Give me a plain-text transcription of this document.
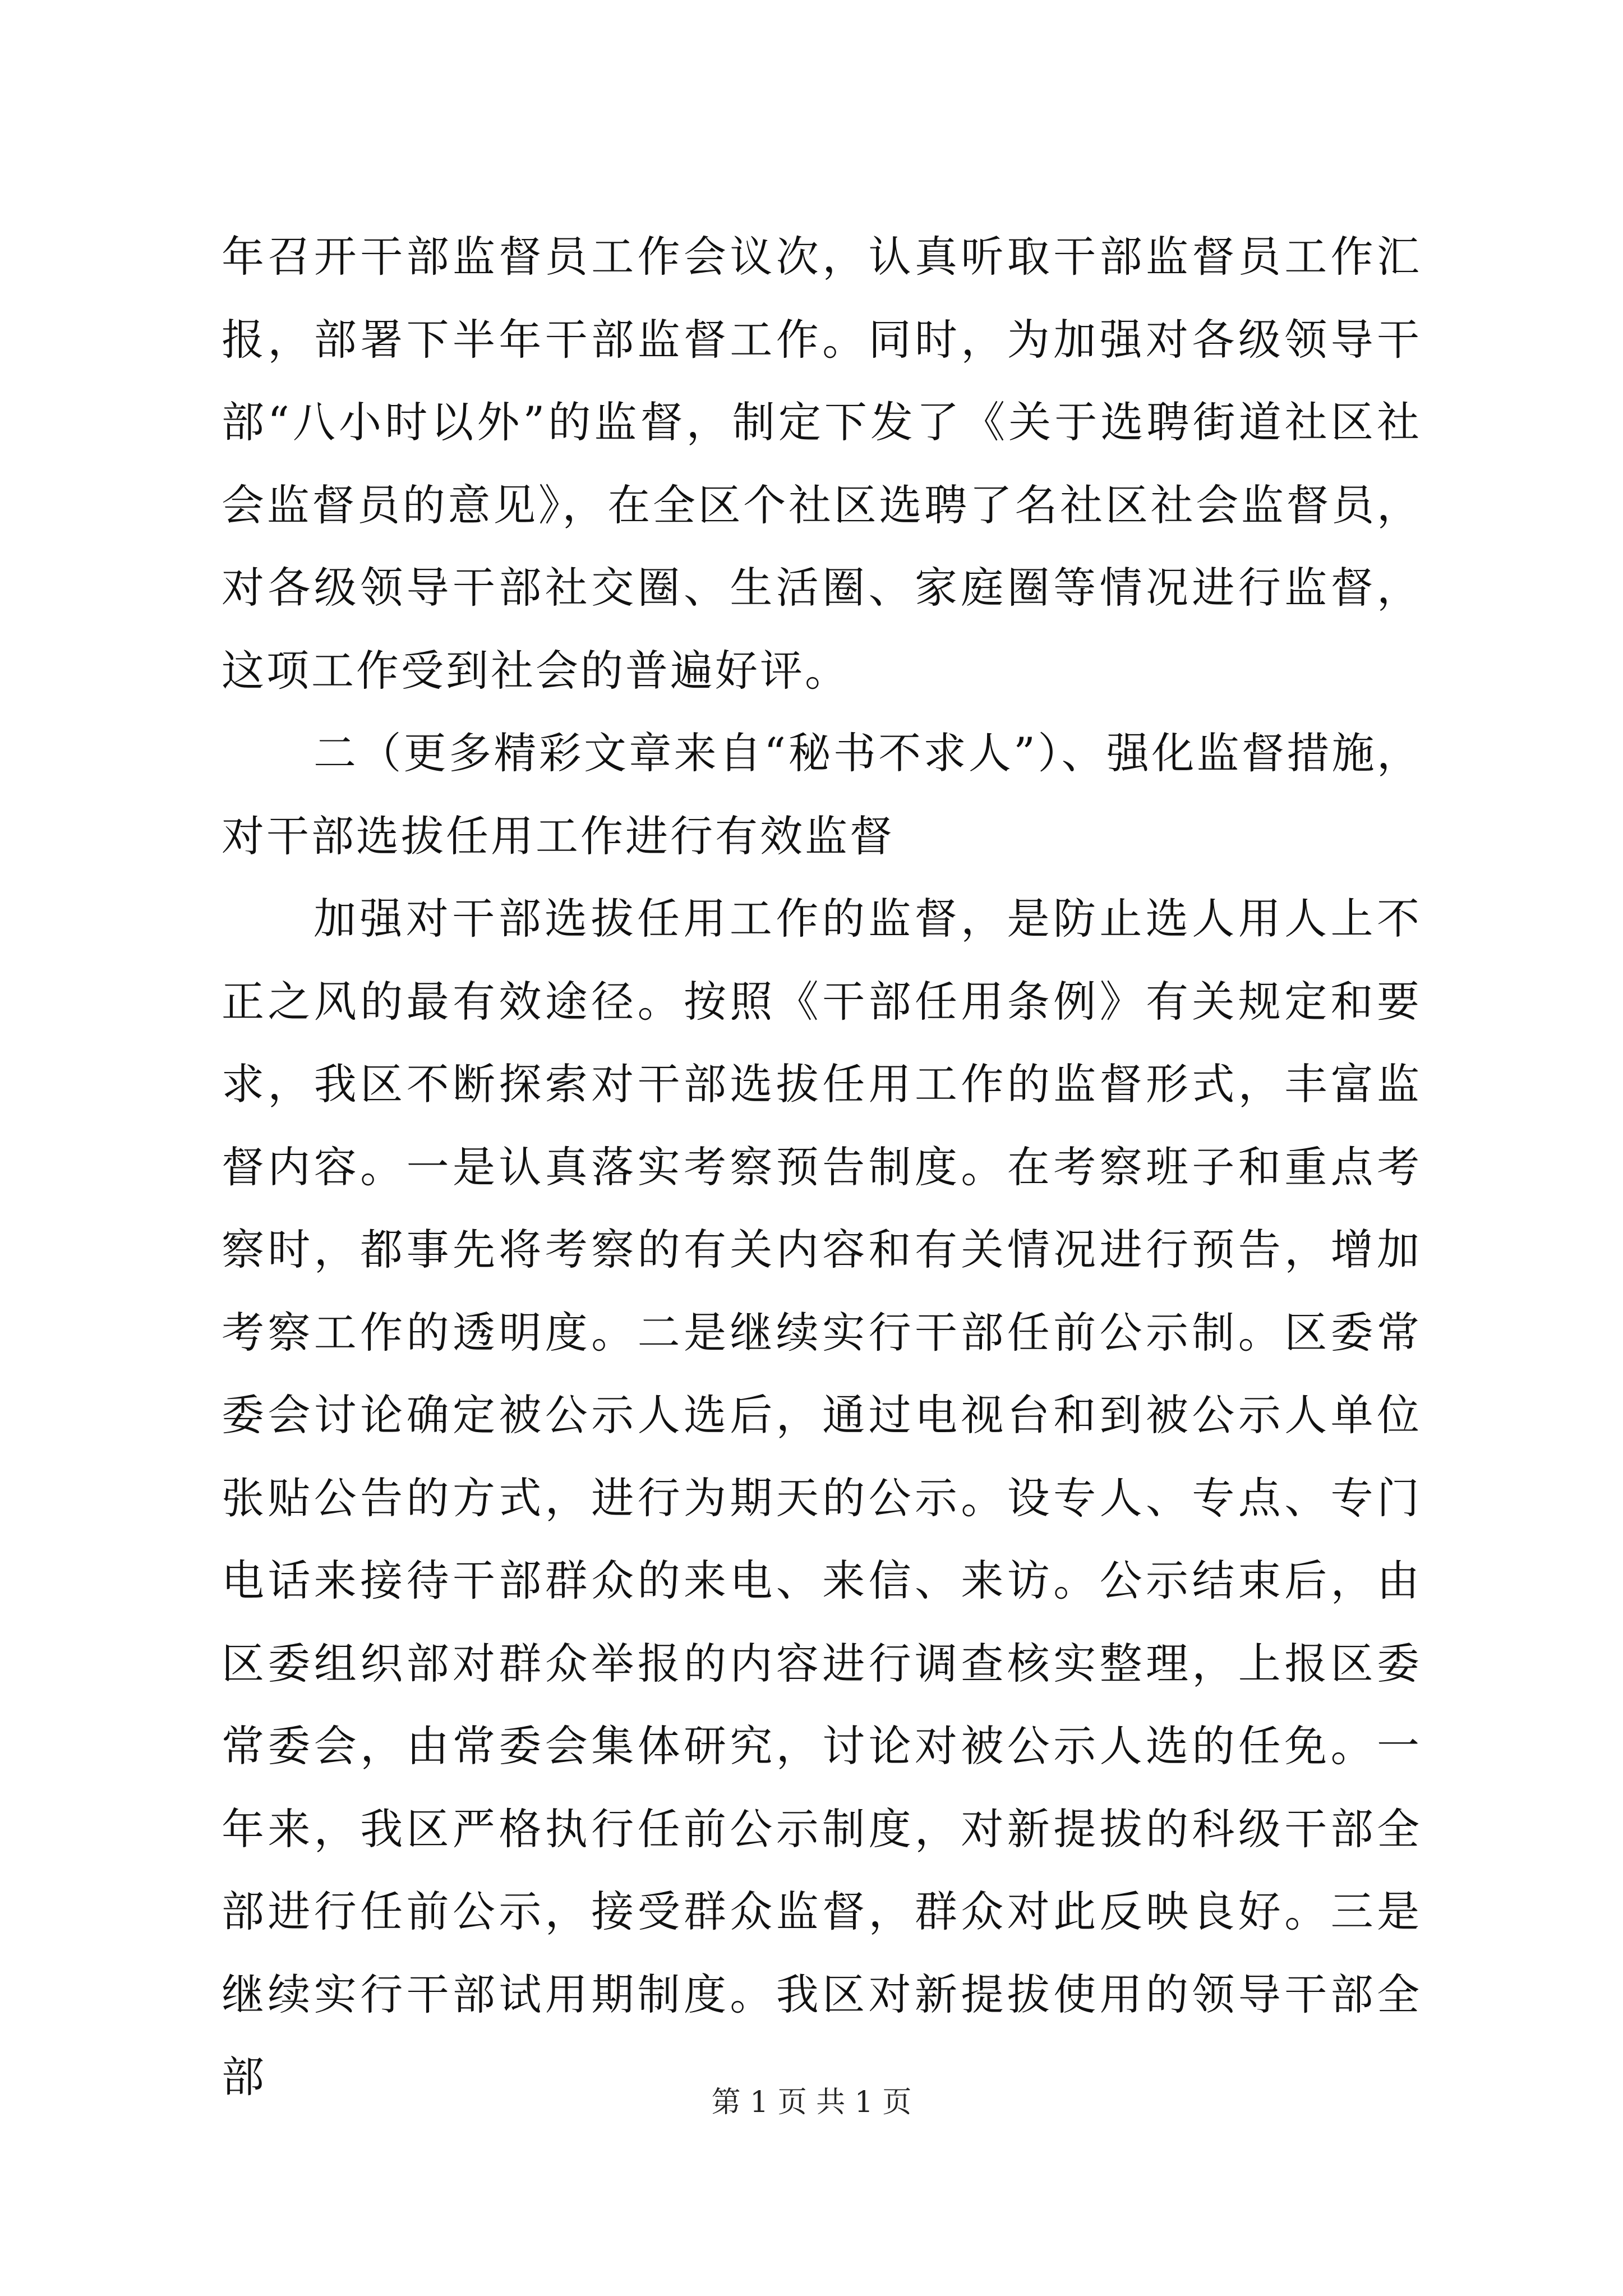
年召开干部监督员工作会议次，认真听取干部监督员工作汇报，部署下半年干部监督工作。同时，为加强对各级领导干部“八小时以外”的监督，制定下发了《关于选聘街道社区社会监督员的意见》，在全区个社区选聘了名社区社会监督员，对各级领导干部社交圈、生活圈、家庭圈等情况进行监督，这项工作受到社会的普遍好评。

二（更多精彩文章来自“秘书不求人”）、强化监督措施，对干部选拔任用工作进行有效监督

加强对干部选拔任用工作的监督，是防止选人用人上不正之风的最有效途径。按照《干部任用条例》有关规定和要求，我区不断探索对干部选拔任用工作的监督形式，丰富监督内容。一是认真落实考察预告制度。在考察班子和重点考察时，都事先将考察的有关内容和有关情况进行预告，增加考察工作的透明度。二是继续实行干部任前公示制。区委常委会讨论确定被公示人选后，通过电视台和到被公示人单位张贴公告的方式，进行为期天的公示。设专人、专点、专门电话来接待干部群众的来电、来信、来访。公示结束后，由区委组织部对群众举报的内容进行调查核实整理，上报区委常委会，由常委会集体研究，讨论对被公示人选的任免。一年来，我区严格执行任前公示制度，对新提拔的科级干部全部进行任前公示，接受群众监督，群众对此反映良好。三是继续实行干部试用期制度。我区对新提拔使用的领导干部全部

第 1 页 共 1 页
